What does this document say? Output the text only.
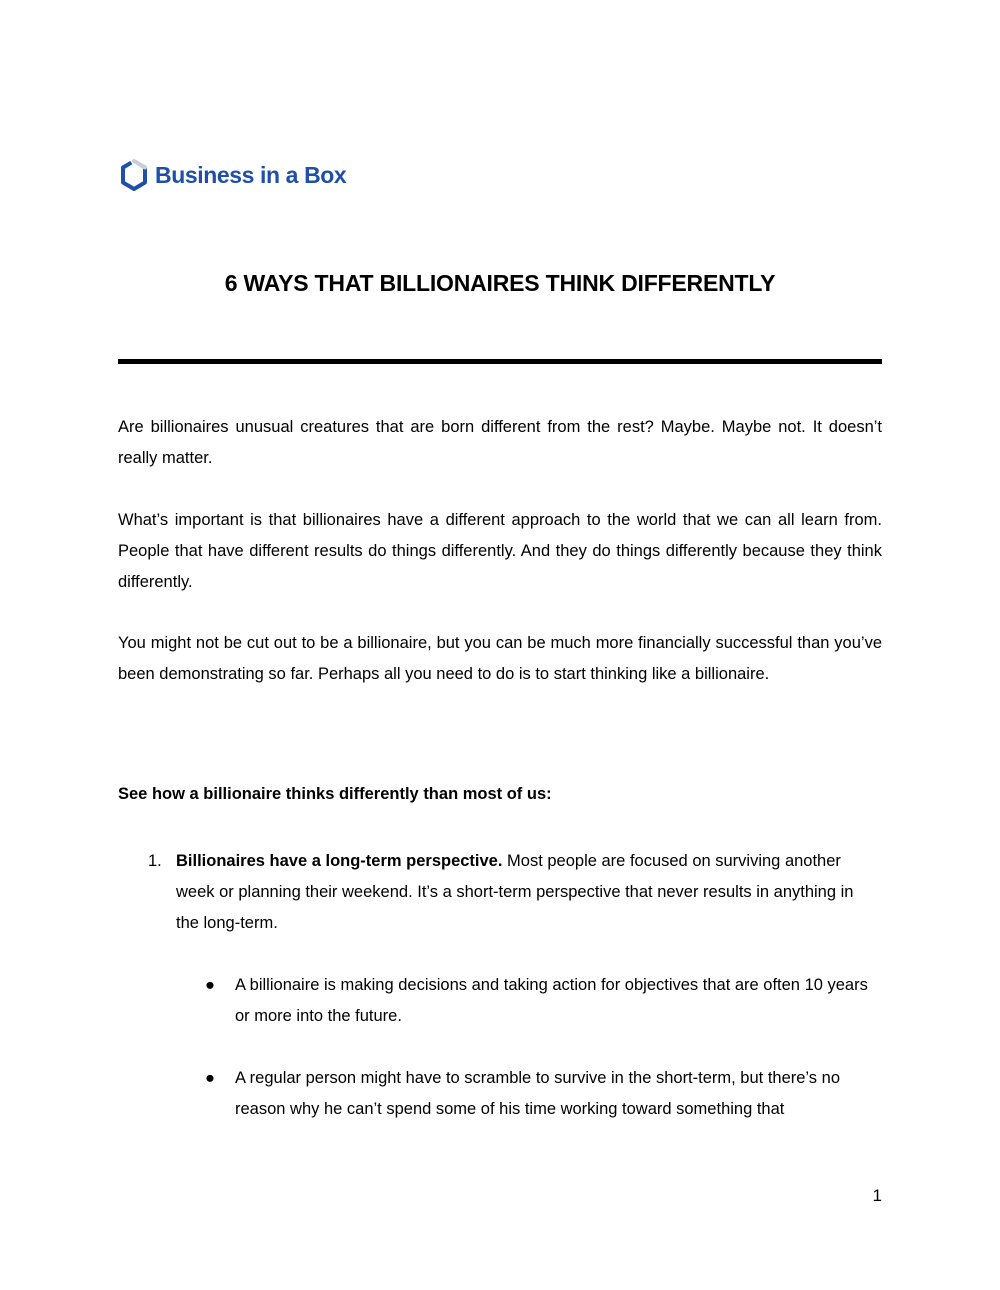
Business in a Box
6 WAYS THAT BILLIONAIRES THINK DIFFERENTLY
Are billionaires unusual creatures that are born different from the rest? Maybe. Maybe not. It doesn’t really matter.
What’s important is that billionaires have a different approach to the world that we can all learn from. People that have different results do things differently. And they do things differently because they think differently.
You might not be cut out to be a billionaire, but you can be much more financially successful than you’ve been demonstrating so far. Perhaps all you need to do is to start thinking like a billionaire.
See how a billionaire thinks differently than most of us:
1. Billionaires have a long-term perspective. Most people are focused on surviving another week or planning their weekend. It’s a short-term perspective that never results in anything in the long-term.
● A billionaire is making decisions and taking action for objectives that are often 10 years or more into the future.
● A regular person might have to scramble to survive in the short-term, but there’s no reason why he can’t spend some of his time working toward something that
1
